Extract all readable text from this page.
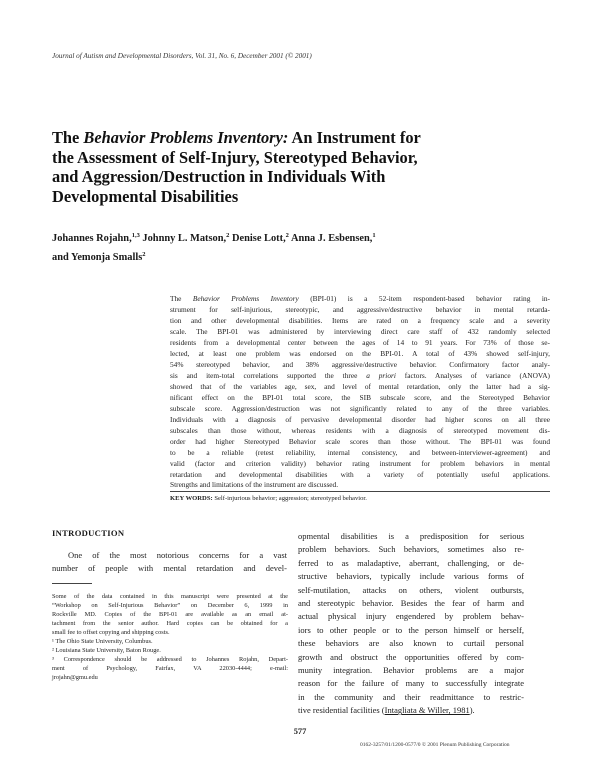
Journal of Autism and Developmental Disorders, Vol. 31, No. 6, December 2001 (© 2001)
The Behavior Problems Inventory: An Instrument for
the Assessment of Self-Injury, Stereotyped Behavior,
and Aggression/Destruction in Individuals With
Developmental Disabilities
Johannes Rojahn,$^{1,3}$ Johnny L. Matson,$^2$ Denise Lott,$^2$ Anna J. Esbensen,$^1$
and Yemonja Smalls$^2$
The Behavior Problems Inventory (BPI-01) is a 52-item respondent-based behavior rating in-
strument for self-injurious, stereotypic, and aggressive/destructive behavior in mental retarda-
tion and other developmental disabilities. Items are rated on a frequency scale and a severity
scale. The BPI-01 was administered by interviewing direct care staff of 432 randomly selected
residents from a developmental center between the ages of 14 to 91 years. For 73% of those se-
lected, at least one problem was endorsed on the BPI-01. A total of 43% showed self-injury,
54% stereotyped behavior, and 38% aggressive/destructive behavior. Confirmatory factor analy-
sis and item-total correlations supported the three a priori factors. Analyses of variance (ANOVA)
showed that of the variables age, sex, and level of mental retardation, only the latter had a sig-
nificant effect on the BPI-01 total score, the SIB subscale score, and the Stereotyped Behavior
subscale score. Aggression/destruction was not significantly related to any of the three variables.
Individuals with a diagnosis of pervasive developmental disorder had higher scores on all three
subscales than those without, whereas residents with a diagnosis of stereotyped movement dis-
order had higher Stereotyped Behavior scale scores than those without. The BPI-01 was found
to be a reliable (retest reliability, internal consistency, and between-interviewer-agreement) and
valid (factor and criterion validity) behavior rating instrument for problem behaviors in mental
retardation and developmental disabilities with a variety of potentially useful applications.
Strengths and limitations of the instrument are discussed.
KEY WORDS: Self-injurious behavior; aggression; stereotyped behavior.
INTRODUCTION
One of the most notorious concerns for a vast
number of people with mental retardation and devel-
Some of the data contained in this manuscript were presented at the
“Workshop on Self-Injurious Behavior” on December 6, 1999 in
Rockville MD. Copies of the BPI-01 are available as an email at-
tachment from the senior author. Hard copies can be obtained for a
small fee to offset copying and shipping costs.
¹ The Ohio State University, Columbus.
² Louisiana State University, Baton Rouge.
³ Correspondence should be addressed to Johannes Rojahn, Depart-
ment of Psychology, Fairfax, VA 22030-4444; e-mail:
jrojahn@gmu.edu
opmental disabilities is a predisposition for serious
problem behaviors. Such behaviors, sometimes also re-
ferred to as maladaptive, aberrant, challenging, or de-
structive behaviors, typically include various forms of
self-mutilation, attacks on others, violent outbursts,
and stereotypic behavior. Besides the fear of harm and
actual physical injury engendered by problem behav-
iors to other people or to the person himself or herself,
these behaviors are also known to curtail personal
growth and obstruct the opportunities offered by com-
munity integration. Behavior problems are a major
reason for the failure of many to successfully integrate
in the community and their readmittance to restric-
tive residential facilities (Intagliata & Willer, 1981).
577
0162-3257/01/1200-0577/0 © 2001 Plenum Publishing Corporation
